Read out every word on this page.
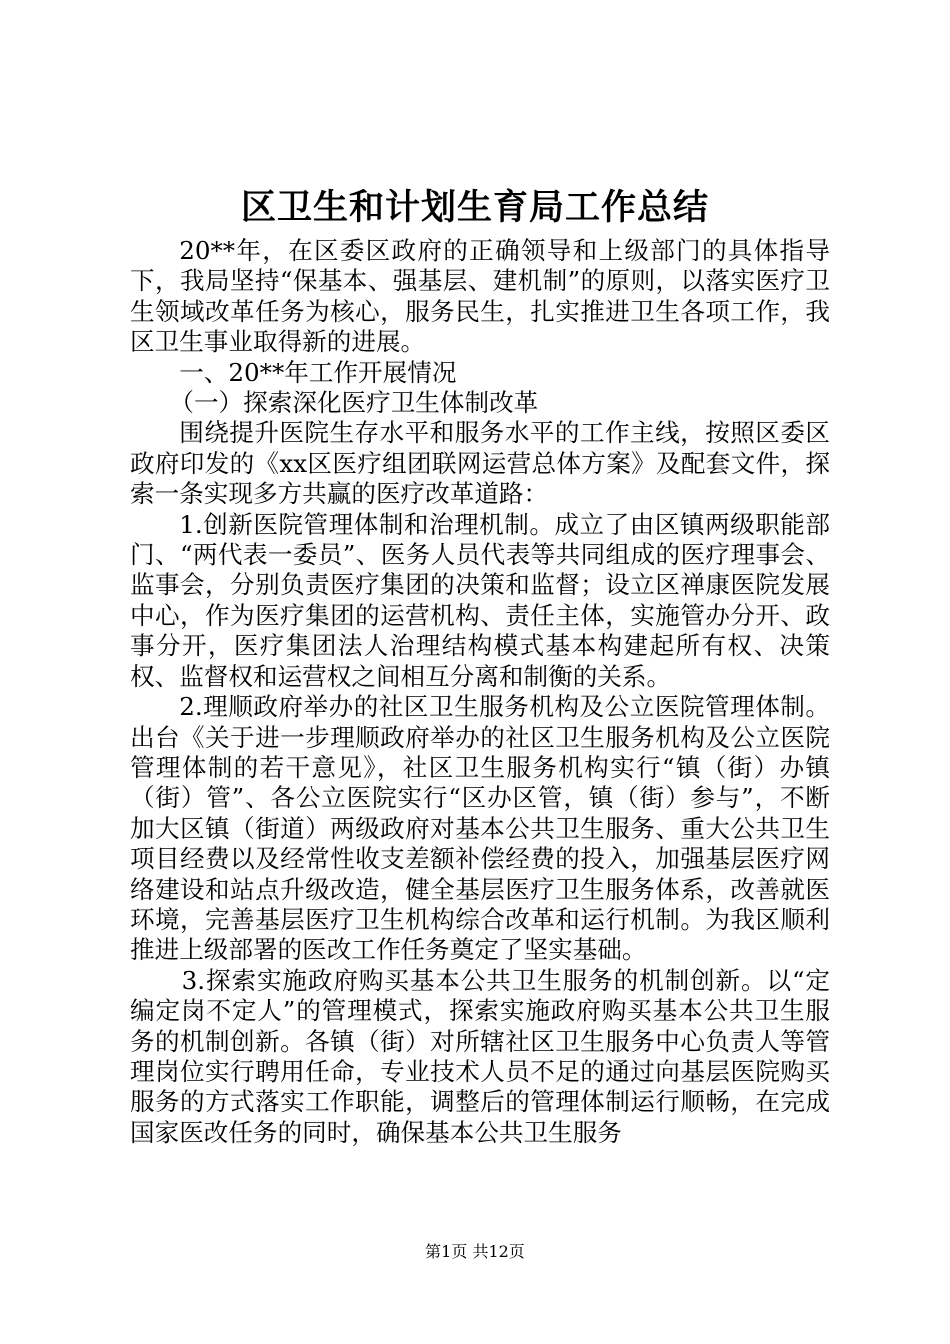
区卫生和计划生育局工作总结

20**年，在区委区政府的正确领导和上级部门的具体指导下，我局坚持“保基本、强基层、建机制”的原则，以落实医疗卫生领域改革任务为核心，服务民生，扎实推进卫生各项工作，我区卫生事业取得新的进展。

一、20**年工作开展情况

（一）探索深化医疗卫生体制改革

围绕提升医院生存水平和服务水平的工作主线，按照区委区政府印发的《xx区医疗组团联网运营总体方案》及配套文件，探索一条实现多方共赢的医疗改革道路：

1.创新医院管理体制和治理机制。成立了由区镇两级职能部门、“两代表一委员”、医务人员代表等共同组成的医疗理事会、监事会，分别负责医疗集团的决策和监督；设立区禅康医院发展中心，作为医疗集团的运营机构、责任主体，实施管办分开、政事分开，医疗集团法人治理结构模式基本构建起所有权、决策权、监督权和运营权之间相互分离和制衡的关系。

2.理顺政府举办的社区卫生服务机构及公立医院管理体制。出台《关于进一步理顺政府举办的社区卫生服务机构及公立医院管理体制的若干意见》，社区卫生服务机构实行“镇（街）办镇（街）管”、各公立医院实行“区办区管，镇（街）参与”，不断加大区镇（街道）两级政府对基本公共卫生服务、重大公共卫生项目经费以及经常性收支差额补偿经费的投入，加强基层医疗网络建设和站点升级改造，健全基层医疗卫生服务体系，改善就医环境，完善基层医疗卫生机构综合改革和运行机制。为我区顺利推进上级部署的医改工作任务奠定了坚实基础。

3.探索实施政府购买基本公共卫生服务的机制创新。以“定编定岗不定人”的管理模式，探索实施政府购买基本公共卫生服务的机制创新。各镇（街）对所辖社区卫生服务中心负责人等管理岗位实行聘用任命，专业技术人员不足的通过向基层医院购买服务的方式落实工作职能，调整后的管理体制运行顺畅，在完成国家医改任务的同时，确保基本公共卫生服务

第1页 共12页
